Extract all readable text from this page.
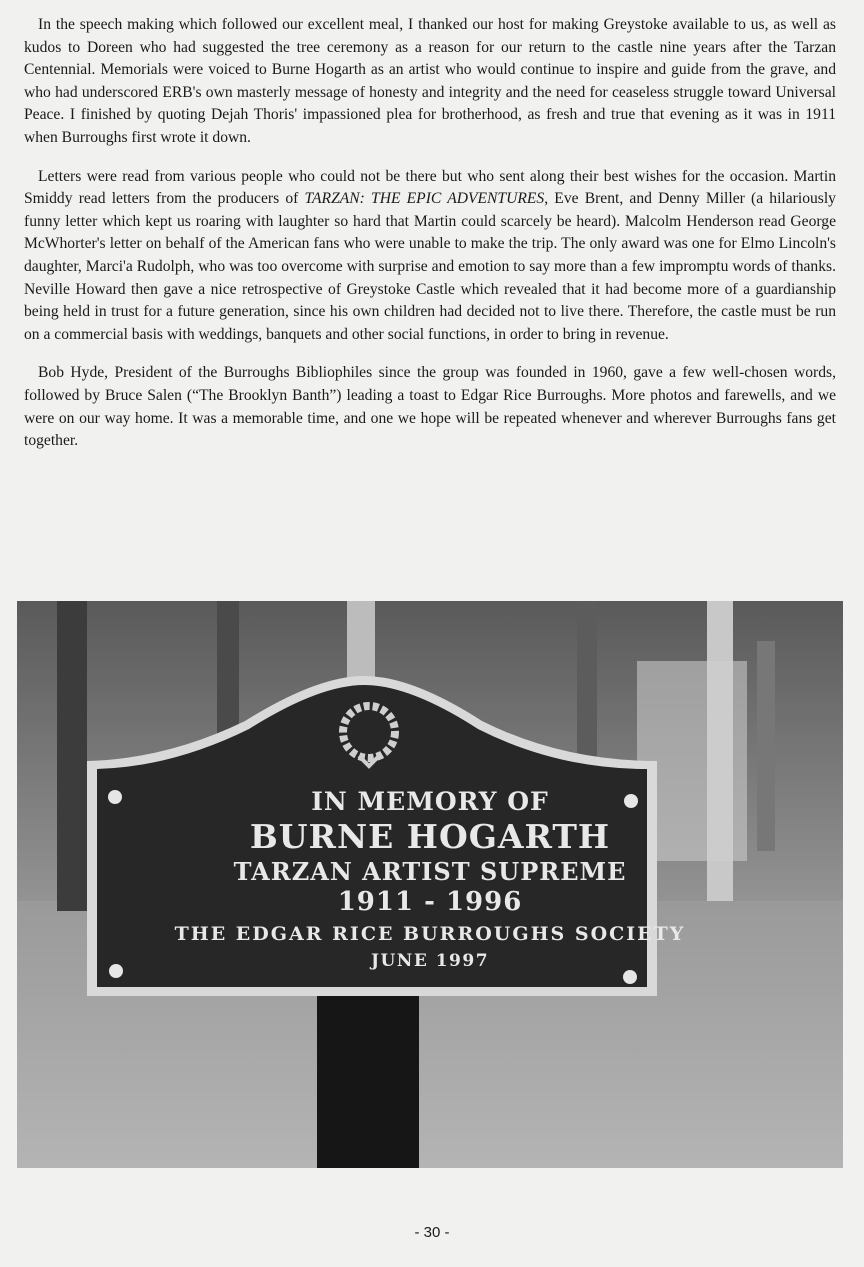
In the speech making which followed our excellent meal, I thanked our host for making Greystoke available to us, as well as kudos to Doreen who had suggested the tree ceremony as a reason for our return to the castle nine years after the Tarzan Centennial. Memorials were voiced to Burne Hogarth as an artist who would continue to inspire and guide from the grave, and who had underscored ERB's own masterly message of honesty and integrity and the need for ceaseless struggle toward Universal Peace. I finished by quoting Dejah Thoris' impassioned plea for brotherhood, as fresh and true that evening as it was in 1911 when Burroughs first wrote it down.

Letters were read from various people who could not be there but who sent along their best wishes for the occasion. Martin Smiddy read letters from the producers of TARZAN: THE EPIC ADVENTURES, Eve Brent, and Denny Miller (a hilariously funny letter which kept us roaring with laughter so hard that Martin could scarcely be heard). Malcolm Henderson read George McWhorter's letter on behalf of the American fans who were unable to make the trip. The only award was one for Elmo Lincoln's daughter, Marci'a Rudolph, who was too overcome with surprise and emotion to say more than a few impromptu words of thanks. Neville Howard then gave a nice retrospective of Greystoke Castle which revealed that it had become more of a guardianship being held in trust for a future generation, since his own children had decided not to live there. Therefore, the castle must be run on a commercial basis with weddings, banquets and other social functions, in order to bring in revenue.

Bob Hyde, President of the Burroughs Bibliophiles since the group was founded in 1960, gave a few well-chosen words, followed by Bruce Salen (“The Brooklyn Banth”) leading a toast to Edgar Rice Burroughs. More photos and farewells, and we were on our way home. It was a memorable time, and one we hope will be repeated whenever and wherever Burroughs fans get together.

IN MEMORY OF
BURNE HOGARTH
TARZAN ARTIST SUPREME
1911 - 1996
THE EDGAR RICE BURROUGHS SOCIETY
JUNE 1997
- 30 -
